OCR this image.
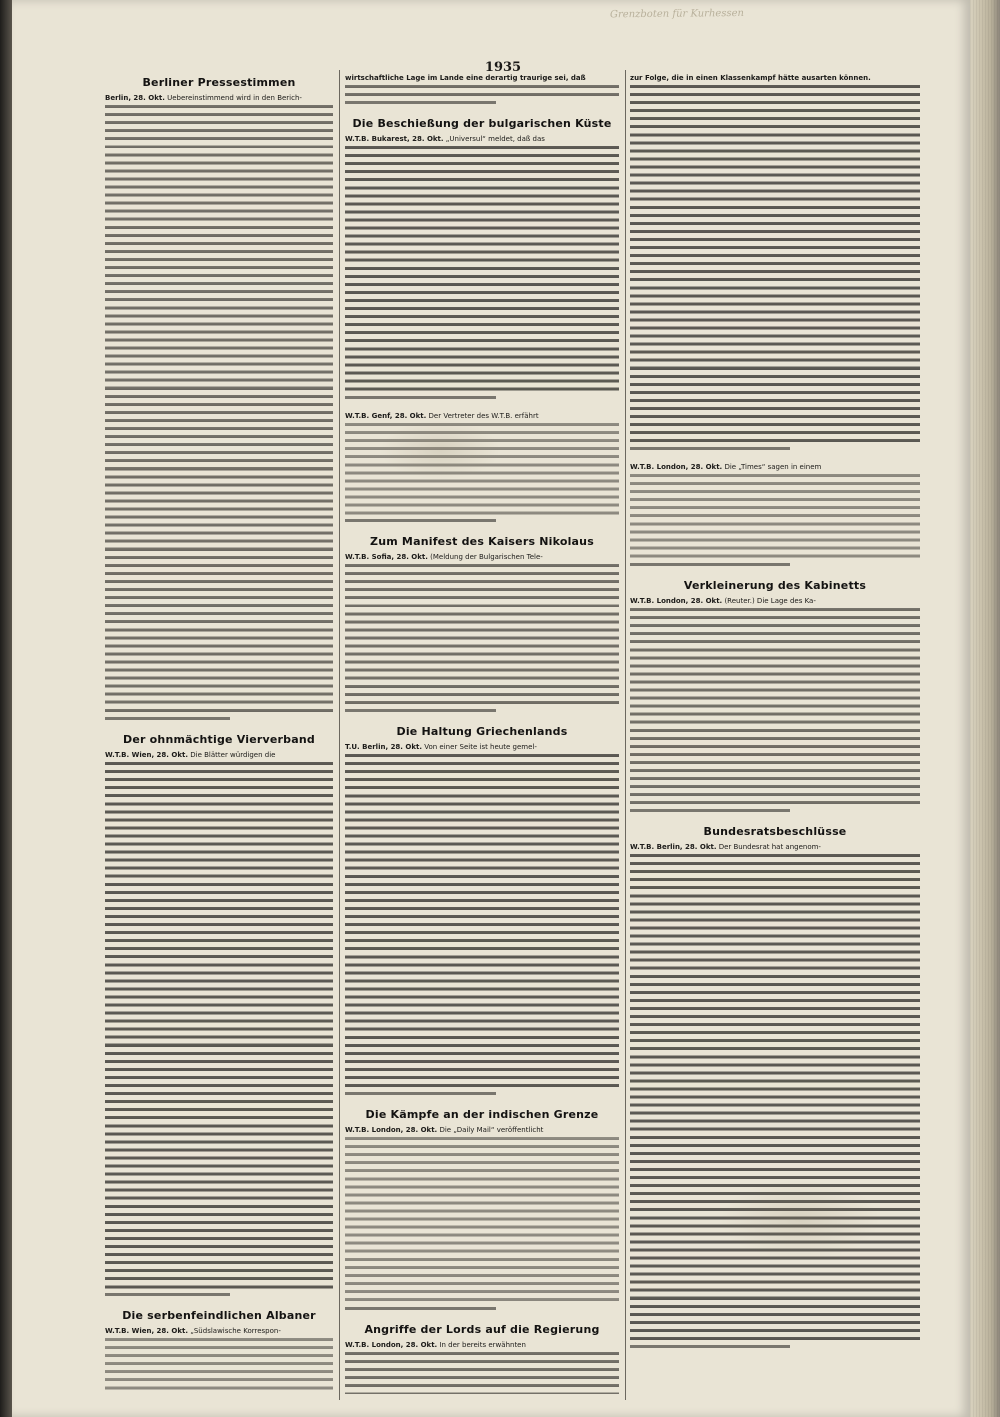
Grenzboten für Kurhessen
1935
Berliner Pressestimmen
Berlin, 28. Okt. Uebereinstimmend wird in den Berich-
Der ohnmächtige Vierverband
W.T.B. Wien, 28. Okt. Die Blätter würdigen die
Die serbenfeindlichen Albaner
W.T.B. Wien, 28. Okt. „Südslawische Korrespon-
wirtschaftliche Lage im Lande eine derartig traurige sei, daß
Die Beschießung der bulgarischen Küste
W.T.B. Bukarest, 28. Okt. „Universul“ meldet, daß das
W.T.B. Genf, 28. Okt. Der Vertreter des W.T.B. erfährt
Zum Manifest des Kaisers Nikolaus
W.T.B. Sofia, 28. Okt. (Meldung der Bulgarischen Tele-
Die Haltung Griechenlands
T.U. Berlin, 28. Okt. Von einer Seite ist heute gemel-
Die Kämpfe an der indischen Grenze
W.T.B. London, 28. Okt. Die „Daily Mail“ veröffentlicht
Angriffe der Lords auf die Regierung
W.T.B. London, 28. Okt. In der bereits erwähnten
zur Folge, die in einen Klassenkampf hätte ausarten können.
W.T.B. London, 28. Okt. Die „Times“ sagen in einem
Verkleinerung des Kabinetts
W.T.B. London, 28. Okt. (Reuter.) Die Lage des Ka-
Bundesratsbeschlüsse
W.T.B. Berlin, 28. Okt. Der Bundesrat hat angenom-
